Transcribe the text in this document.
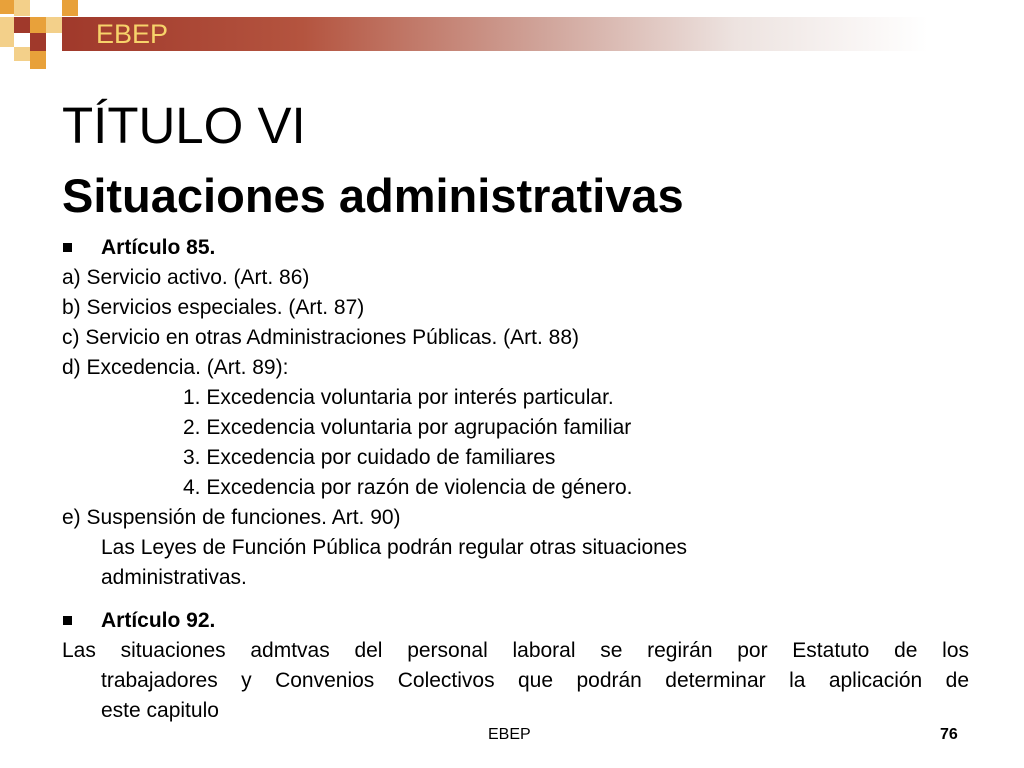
EBEP
TÍTULO VI
Situaciones administrativas
Artículo 85.
a) Servicio activo. (Art. 86)
b) Servicios especiales. (Art. 87)
c) Servicio en otras Administraciones Públicas. (Art. 88)
d) Excedencia. (Art. 89):
1. Excedencia voluntaria por interés particular.
2. Excedencia voluntaria por agrupación familiar
3. Excedencia por cuidado de familiares
4. Excedencia por razón de violencia de género.
e) Suspensión de funciones. Art. 90)
Las Leyes de Función Pública podrán regular otras situaciones
administrativas.
Artículo 92.
Las situaciones admtvas del personal laboral se regirán por Estatuto de los
trabajadores y Convenios Colectivos que podrán determinar la aplicación de
este capitulo
EBEP	76
